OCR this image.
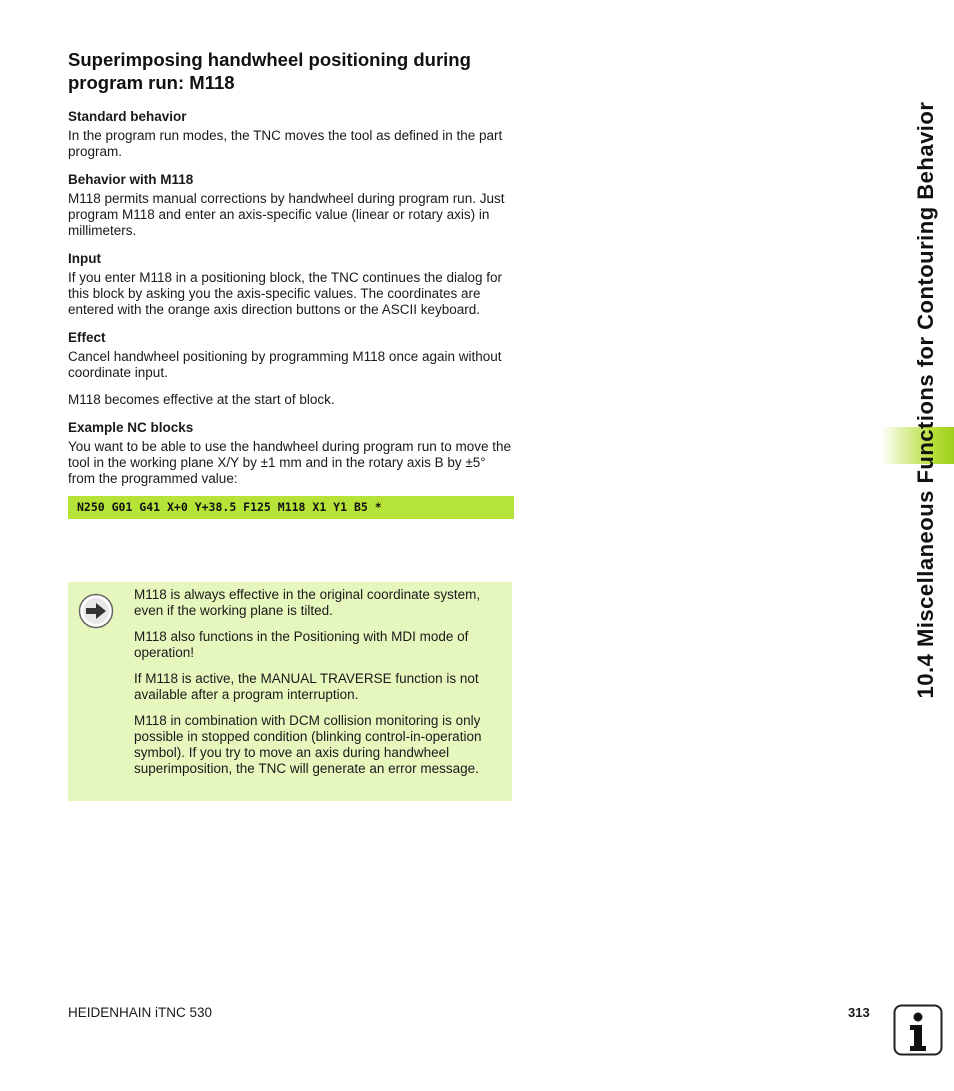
Superimposing handwheel positioning during program run: M118
Standard behavior

In the program run modes, the TNC moves the tool as defined in the part program.

Behavior with M118

M118 permits manual corrections by handwheel during program run. Just program M118 and enter an axis-specific value (linear or rotary axis) in millimeters.

Input

If you enter M118 in a positioning block, the TNC continues the dialog for this block by asking you the axis-specific values. The coordinates are entered with the orange axis direction buttons or the ASCII keyboard.

Effect

Cancel handwheel positioning by programming M118 once again without coordinate input.

M118 becomes effective at the start of block.

Example NC blocks

You want to be able to use the handwheel during program run to move the tool in the working plane X/Y by ±1 mm and in the rotary axis B by ±5° from the programmed value:

N250 G01 G41 X+0 Y+38.5 F125 M118 X1 Y1 B5 *

M118 is always effective in the original coordinate system, even if the working plane is tilted.

M118 also functions in the Positioning with MDI mode of operation!

If M118 is active, the MANUAL TRAVERSE function is not available after a program interruption.

M118 in combination with DCM collision monitoring is only possible in stopped condition (blinking control-in-operation symbol). If you try to move an axis during handwheel superimposition, the TNC will generate an error message.

10.4 Miscellaneous Functions for Contouring Behavior
HEIDENHAIN iTNC 530	313
